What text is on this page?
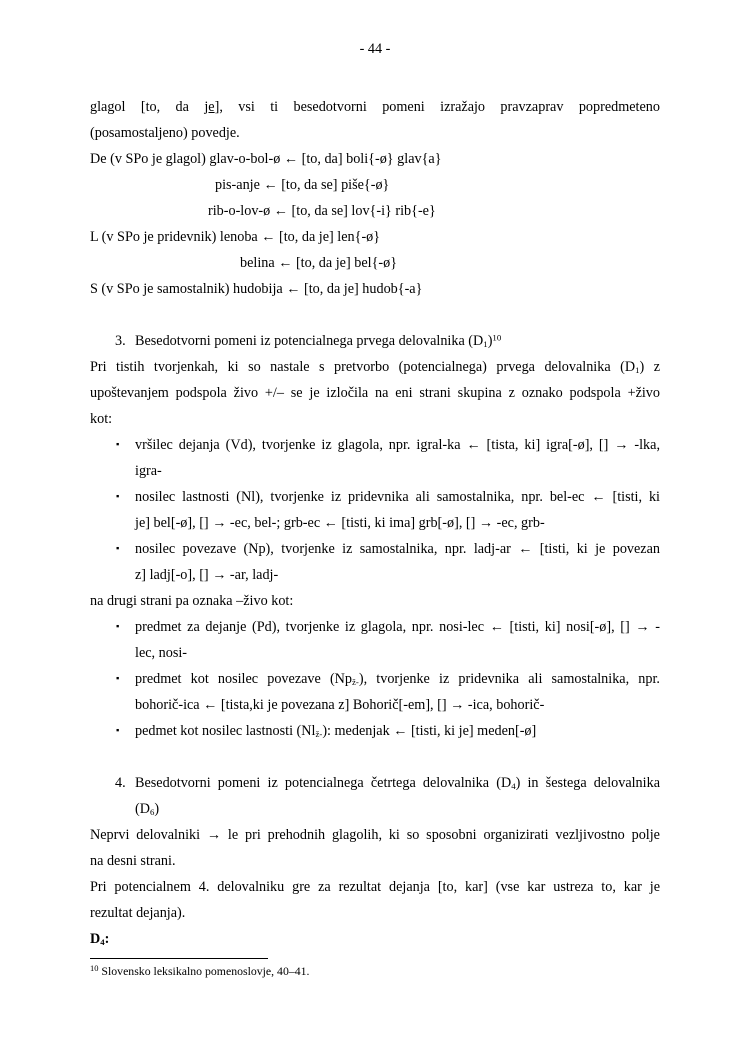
- 44 -
glagol [to, da je], vsi ti besedotvorni pomeni izražajo pravzaprav popredmeteno
(posamostaljeno) povedje.
De (v SPo je glagol) glav-o-bol-ø ← [to, da] boli{-ø} glav{a}
pis-anje ← [to, da se] piše{-ø}
rib-o-lov-ø ← [to, da se] lov{-i} rib{-e}
L (v SPo je pridevnik) lenoba ← [to, da je] len{-ø}
belina ← [to, da je] bel{-ø}
S (v SPo je samostalnik) hudobija ← [to, da je] hudob{-a}
3. Besedotvorni pomeni iz potencialnega prvega delovalnika $(D_1)^{10}$
Pri tistih tvorjenkah, ki so nastale s pretvorbo (potencialnega) prvega delovalnika $(D_1)$ z
upoštevanjem podspola živo +/– se je izločila na eni strani skupina z oznako podspola +živo
kot:
▪ vršilec dejanja (Vd), tvorjenke iz glagola, npr. igral-ka ← [tista, ki] igra[-ø], [] → -lka,
igra-
▪ nosilec lastnosti (Nl), tvorjenke iz pridevnika ali samostalnika, npr. bel-ec ← [tisti, ki
je] bel[-ø], [] → -ec, bel-; grb-ec ← [tisti, ki ima] grb[-ø], [] → -ec, grb-
▪ nosilec povezave (Np), tvorjenke iz samostalnika, npr. ladj-ar ← [tisti, ki je povezan
z] ladj[-o], [] → -ar, ladj-
na drugi strani pa oznaka –živo kot:
▪ predmet za dejanje (Pd), tvorjenke iz glagola, npr. nosi-lec ← [tisti, ki] nosi[-ø], [] → -
lec, nosi-
▪ predmet kot nosilec povezave $(Np_{ž-})$, tvorjenke iz pridevnika ali samostalnika, npr.
bohorič-ica ← [tista,ki je povezana z] Bohorič[-em], [] → -ica, bohorič-
▪ pedmet kot nosilec lastnosti $(Nl_{ž-})$: medenjak ← [tisti, ki je] meden[-ø]
4. Besedotvorni pomeni iz potencialnega četrtega delovalnika $(D_4)$ in šestega delovalnika
$(D_6)$
Neprvi delovalniki → le pri prehodnih glagolih, ki so sposobni organizirati vezljivostno polje
na desni strani.
Pri potencialnem 4. delovalniku gre za rezultat dejanja [to, kar] (vse kar ustreza to, kar je
rezultat dejanja).
$D_4$:
$^{10}$ Slovensko leksikalno pomenoslovje, 40–41.
